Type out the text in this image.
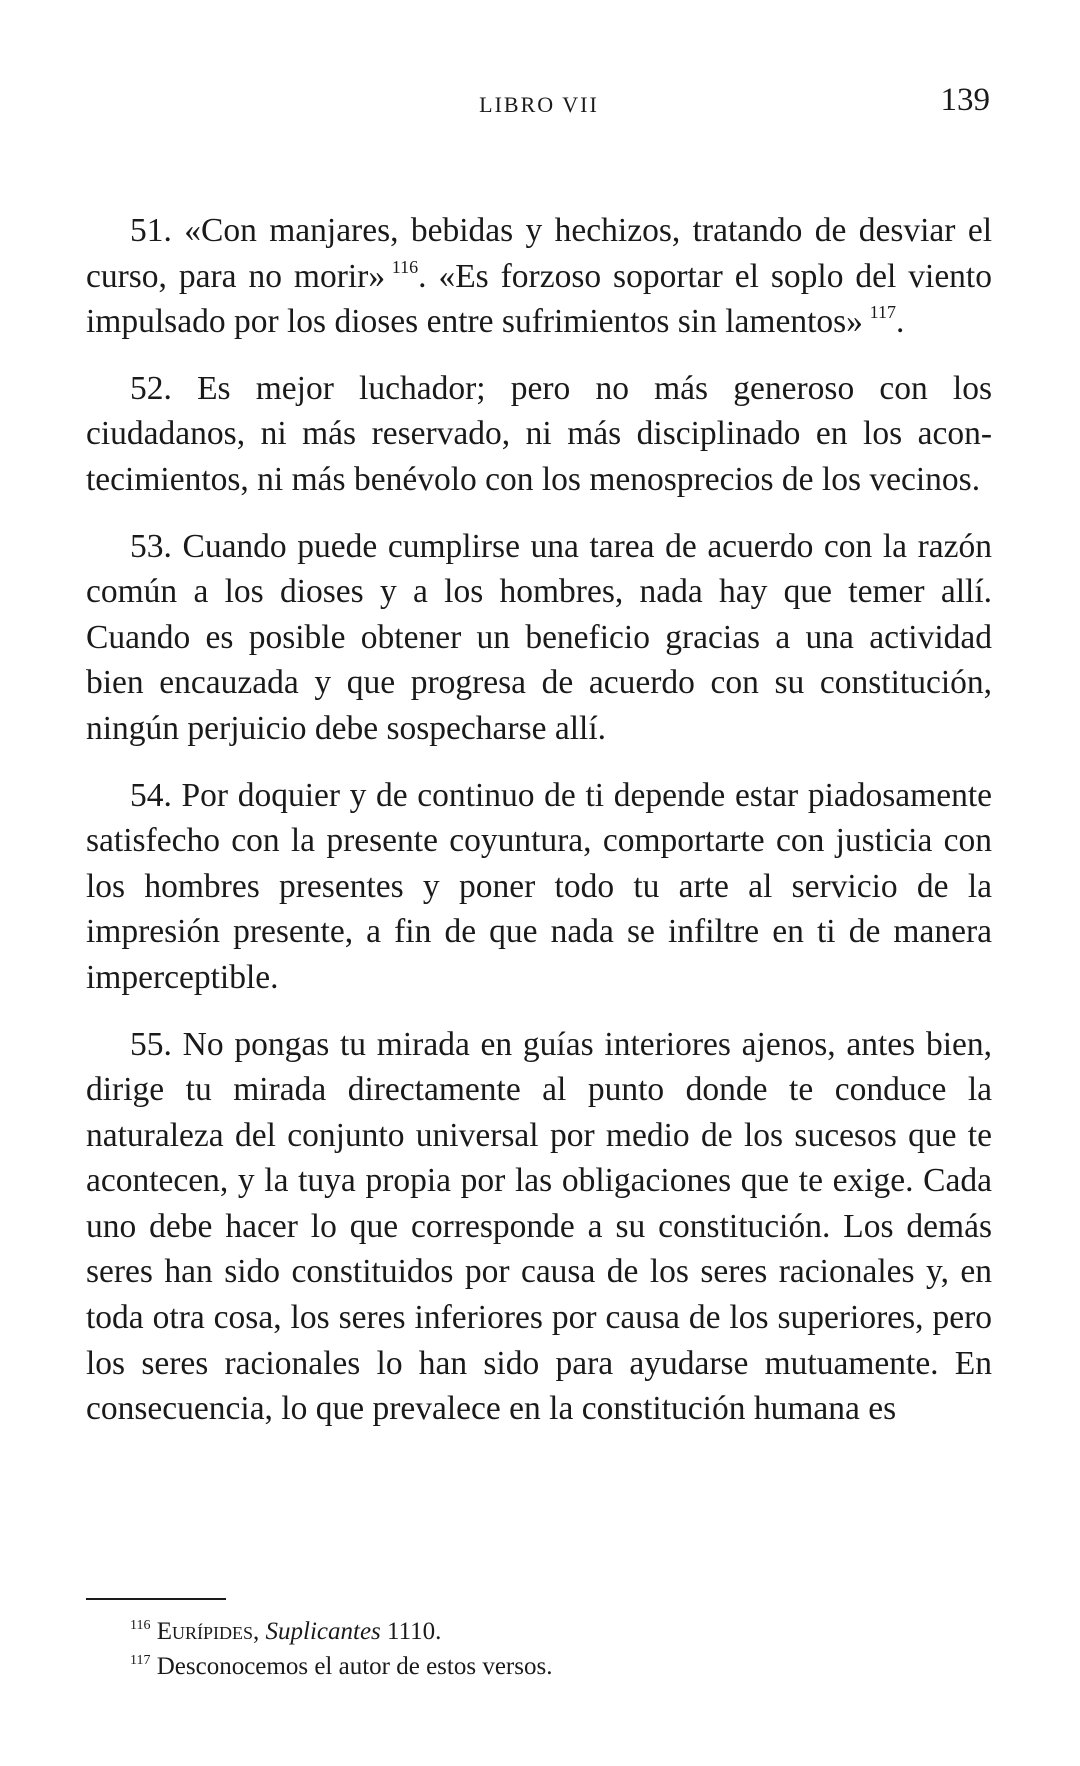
LIBRO VII	139

51. «Con manjares, bebidas y hechizos, tratando de desviar el curso, para no morir»  $^{116}$. «Es forzoso soportar el soplo del viento impulsado por los dioses entre sufrimientos sin lamentos»  $^{117}$.

52. Es mejor luchador; pero no más generoso con los ciudadanos, ni más reservado, ni más disciplinado en los acontecimientos, ni más benévolo con los menosprecios de los vecinos.

53. Cuando puede cumplirse una tarea de acuerdo con la razón común a los dioses y a los hombres, nada hay que temer allí. Cuando es posible obtener un beneficio gracias a una actividad bien encauzada y que progresa de acuerdo con su constitución, ningún perjuicio debe sospecharse allí.

54. Por doquier y de continuo de ti depende estar piadosamente satisfecho con la presente coyuntura, comportarte con justicia con los hombres presentes y poner todo tu arte al servicio de la impresión presente, a fin de que nada se infiltre en ti de manera imperceptible.

55. No pongas tu mirada en guías interiores ajenos, antes bien, dirige tu mirada directamente al punto donde te conduce la naturaleza del conjunto universal por medio de los sucesos que te acontecen, y la tuya propia por las obligaciones que te exige. Cada uno debe hacer lo que corresponde a su constitución. Los demás seres han sido constituidos por causa de los seres racionales y, en toda otra cosa, los seres inferiores por causa de los superiores, pero los seres racionales lo han sido para ayudarse mutuamente. En consecuencia, lo que prevalece en la constitución humana es

$^{116}$ Eurípides, Suplicantes 1110.

$^{117}$ Desconocemos el autor de estos versos.
